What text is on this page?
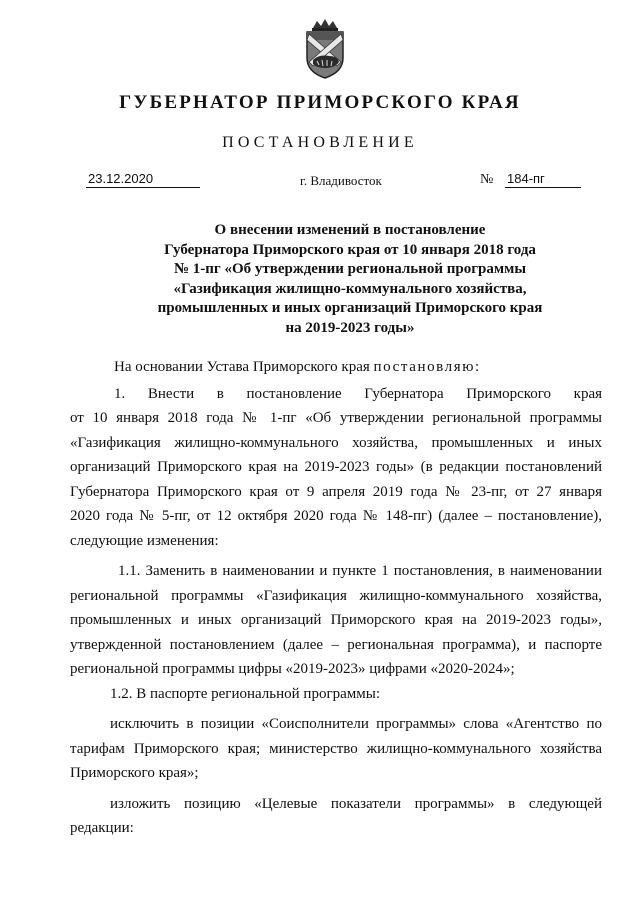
ГУБЕРНАТОР ПРИМОРСКОГО КРАЯ
ПОСТАНОВЛЕНИЕ
23.12.2020	г. Владивосток	№ 184-пг
О внесении изменений в постановление
Губернатора Приморского края от 10 января 2018 года
№ 1-пг «Об утверждении региональной программы
«Газификация жилищно-коммунального хозяйства,
промышленных и иных организаций Приморского края
на 2019-2023 годы»

На основании Устава Приморского края постановляю:

1. Внести в постановление Губернатора Приморского края

от 10 января 2018 года № 1-пг «Об утверждении региональной программы

«Газификация жилищно-коммунального хозяйства, промышленных и иных

организаций Приморского края на 2019-2023 годы» (в редакции постановлений

Губернатора Приморского края от 9 апреля 2019 года № 23-пг, от 27 января

2020 года № 5-пг, от 12 октября 2020 года № 148-пг) (далее – постановление),

следующие изменения:

1.1. Заменить в наименовании и пункте 1 постановления, в наименовании

региональной программы «Газификация жилищно-коммунального хозяйства,

промышленных и иных организаций Приморского края на 2019-2023 годы»,

утвержденной постановлением (далее – региональная программа), и паспорте

региональной программы цифры «2019-2023» цифрами «2020-2024»;

1.2. В паспорте региональной программы:

исключить в позиции «Соисполнители программы» слова «Агентство по

тарифам Приморского края; министерство жилищно-коммунального хозяйства

Приморского края»;

изложить позицию «Целевые показатели программы» в следующей

редакции:
